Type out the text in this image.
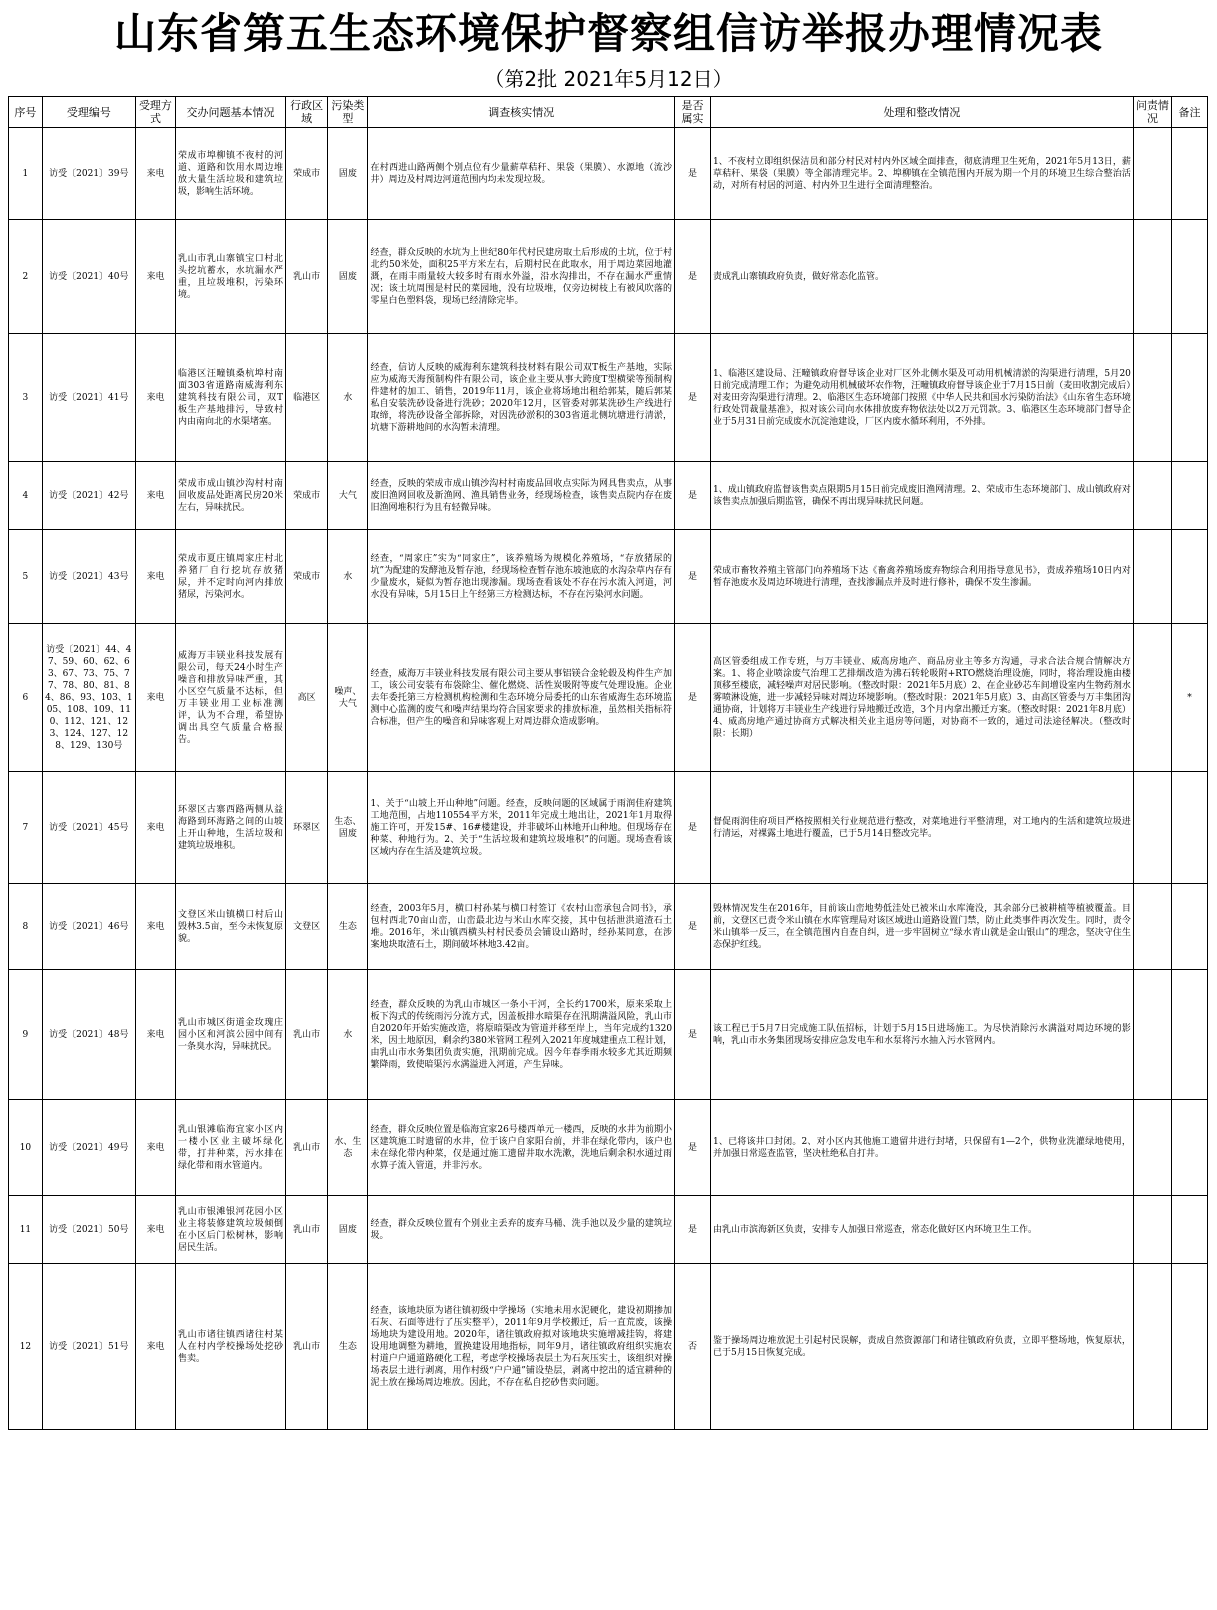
山东省第五生态环境保护督察组信访举报办理情况表
（第2批 2021年5月12日）
序号	受理编号	受理方式	交办问题基本情况	行政区域	污染类型	调查核实情况	是否属实	处理和整改情况	问责情况	备注
1	访受〔2021〕39号	来电	荣成市埠柳镇不夜村的河道、道路和饮用水周边堆放大量生活垃圾和建筑垃圾，影响生活环境。	荣成市	固废	在村西进山路两侧个别点位有少量薪草秸秆、果袋（果膜）、水源地（流沙井）周边及村周边河道范围内均未发现垃圾。	是	1、不夜村立即组织保洁员和部分村民对村内外区域全面排查，彻底清理卫生死角，2021年5月13日，薪草秸秆、果袋（果膜）等全部清理完毕。2、埠柳镇在全镇范围内开展为期一个月的环境卫生综合整治活动，对所有村居的河道、村内外卫生进行全面清理整治。		
2	访受〔2021〕40号	来电	乳山市乳山寨镇宝口村北头挖坑蓄水，水坑漏水严重，且垃圾堆积，污染环境。	乳山市	固废	经查，群众反映的水坑为上世纪80年代村民建房取土后形成的土坑，位于村北约50米处，面积25平方米左右，后期村民在此取水，用于周边菜园地灌溉，在雨丰雨量较大较多时有雨水外溢，沿水沟排出，不存在漏水严重情况；该土坑周围是村民的菜园地，没有垃圾堆，仅旁边树枝上有被风吹落的零星白色塑料袋，现场已经清除完毕。	是	责成乳山寨镇政府负责，做好常态化监管。		
3	访受〔2021〕41号	来电	临港区汪疃镇桑杭埠村南面303省道路南威海利东建筑科技有限公司，双T板生产基地排污，导致村内由南向北的水渠堵塞。	临港区	水	经查，信访人反映的威海利东建筑科技材料有限公司双T板生产基地，实际应为威海天海预制构件有限公司，该企业主要从事大跨度T型横梁等预制构件建材的加工、销售，2019年11月，该企业将场地出租给郭某，随后郭某私自安装洗砂设备进行洗砂；2020年12月，区管委对郭某洗砂生产线进行取缔，将洗砂设备全部拆除，对因洗砂淤积的303省道北侧坑塘进行清淤，坑塘下游耕地间的水沟暂未清理。	是	1、临港区建设局、汪疃镇政府督导该企业对厂区外北侧水渠及可动用机械清淤的沟渠进行清理，5月20日前完成清理工作；为避免动用机械破坏农作物，汪疃镇政府督导该企业于7月15日前（麦田收割完成后）对麦田旁沟渠进行清理。2、临港区生态环境部门按照《中华人民共和国水污染防治法》《山东省生态环境行政处罚裁量基准》，拟对该公司向水体排放废弃物依法处以2万元罚款。3、临港区生态环境部门督导企业于5月31日前完成废水沉淀池建设，厂区内废水循环利用，不外排。		
4	访受〔2021〕42号	来电	荣成市成山镇沙沟村村南回收废品处距离民房20米左右，异味扰民。	荣成市	大气	经查，反映的荣成市成山镇沙沟村村南废品回收点实际为网具售卖点，从事废旧渔网回收及新渔网、渔具销售业务，经现场检查，该售卖点院内存在废旧渔网堆积行为且有轻微异味。	是	1、成山镇政府监督该售卖点限期5月15日前完成废旧渔网清理。2、荣成市生态环境部门、成山镇政府对该售卖点加强后期监管，确保不再出现异味扰民问题。		
5	访受〔2021〕43号	来电	荣成市夏庄镇周家庄村北养猪厂自行挖坑存放猪尿，并不定时向河内排放猪尿，污染河水。	荣成市	水	经查，“周家庄”实为“同家庄”，该养殖场为规模化养殖场，“存放猪尿的坑”为配建的发酵池及暂存池，经现场检查暂存池东坡池底的水沟杂草内存有少量废水，疑似为暂存池出现渗漏。现场查看该处不存在污水流入河道，河水没有异味，5月15日上午经第三方检测达标，不存在污染河水问题。	是	荣成市畜牧养殖主管部门向养殖场下达《畜禽养殖场废弃物综合利用指导意见书》，责成养殖场10日内对暂存池废水及周边环境进行清理，查找渗漏点并及时进行修补，确保不发生渗漏。		
6	访受〔2021〕44、47、59、60、62、63、67、73、75、77、78、80、81、84、86、93、103、105、108、109、110、112、121、123、124、127、128、129、130号	来电	威海万丰镁业科技发展有限公司，每天24小时生产噪音和排放异味严重，其小区空气质量不达标，但万丰镁业用工业标准测评，认为不合理，希望协调出具空气质量合格报告。	高区	噪声、大气	经查，威海万丰镁业科技发展有限公司主要从事铝镁合金轮毂及构件生产加工，该公司安装有布袋除尘、催化燃烧、活性炭吸附等废气处理设施。企业去年委托第三方检测机构检测和生态环境分局委托的山东省威海生态环境监测中心监测的废气和噪声结果均符合国家要求的排放标准，虽然相关指标符合标准，但产生的噪音和异味客观上对周边群众造成影响。	是	高区管委组成工作专班，与万丰镁业、威高房地产、商品房业主等多方沟通，寻求合法合规合情解决方案。1、将企业喷涂废气治理工艺排烟改造为沸石转轮吸附+RTO燃烧治理设施，同时，将治理设施由楼顶移至楼底，减轻噪声对居民影响。（整改时限：2021年5月底）2、在企业砂芯车间增设室内生物药剂水雾喷淋设施，进一步减轻异味对周边环境影响。（整改时限：2021年5月底）3、由高区管委与万丰集团沟通协商，计划将万丰镁业生产线进行异地搬迁改造，3个月内拿出搬迁方案。（整改时限：2021年8月底）4、威高房地产通过协商方式解决相关业主退房等问题，对协商不一致的，通过司法途径解决。（整改时限：长期）		*
7	访受〔2021〕45号	来电	环翠区古寨西路两侧从益海路到环海路之间的山坡上开山种地，生活垃圾和建筑垃圾堆积。	环翠区	生态、固废	1、关于“山坡上开山种地”问题。经查，反映问题的区域属于雨润佳府建筑工地范围，占地110554平方米，2011年完成土地出让，2021年1月取得施工许可，开发15#、16#楼建设，并非破坏山林地开山种地。但现场存在种菜、种地行为。2、关于“生活垃圾和建筑垃圾堆积”的问题。现场查看该区域内存在生活及建筑垃圾。	是	督促雨润佳府项目严格按照相关行业规范进行整改，对菜地进行平整清理，对工地内的生活和建筑垃圾进行清运，对裸露土地进行覆盖，已于5月14日整改完毕。		
8	访受〔2021〕46号	来电	文登区米山镇横口村后山毁林3.5亩，至今未恢复原貌。	文登区	生态	经查，2003年5月，横口村孙某与横口村签订《农村山峦承包合同书》，承包村西北70亩山峦，山峦最北边与米山水库交接，其中包括泄洪道渣石土堆。2016年，米山镇西横头村村民委员会铺设山路时，经孙某同意，在涉案地块取渣石土，期间破坏林地3.42亩。	是	毁林情况发生在2016年，目前该山峦地势低洼处已被米山水库淹没，其余部分已被耕植等植被覆盖。目前，文登区已责令米山镇在水库管理局对该区域进山道路设置门禁，防止此类事件再次发生。同时，责令米山镇举一反三，在全镇范围内自查自纠，进一步牢固树立“绿水青山就是金山银山”的理念，坚决守住生态保护红线。		
9	访受〔2021〕48号	来电	乳山市城区街道金玫瑰庄园小区和河滨公园中间有一条臭水沟，异味扰民。	乳山市	水	经查，群众反映的为乳山市城区一条小干河，全长约1700米，原来采取上板下沟式的传统雨污分流方式，因盖板排水暗渠存在汛期满溢风险，乳山市自2020年开始实施改造，将原暗渠改为管道并移至岸上，当年完成约1320米，因土地原因，剩余约380米管网工程列入2021年度城建重点工程计划，由乳山市水务集团负责实施，汛期前完成。因今年春季雨水较多尤其近期频繁降雨，致使暗渠污水满溢进入河道，产生异味。	是	该工程已于5月7日完成施工队伍招标，计划于5月15日进场施工。为尽快消除污水满溢对周边环境的影响，乳山市水务集团现场安排应急发电车和水泵将污水抽入污水管网内。		
10	访受〔2021〕49号	来电	乳山银滩临海宜家小区内一楼小区业主破坏绿化带，打井种菜，污水排在绿化带和雨水管道内。	乳山市	水、生态	经查，群众反映位置是临海宜家26号楼西单元一楼西，反映的水井为前期小区建筑施工时遗留的水井，位于该户自家阳台前，并非在绿化带内，该户也未在绿化带内种菜，仅是通过施工遗留井取水洗漱，洗地后剩余积水通过雨水算子流入管道，并非污水。	是	1、已将该井口封闭。2、对小区内其他施工遗留井进行封堵，只保留有1—2个，供物业洗灌绿地使用，并加强日常巡查监管，坚决杜绝私自打井。		
11	访受〔2021〕50号	来电	乳山市银滩银河花园小区业主将装修建筑垃圾倾倒在小区后门松树林，影响居民生活。	乳山市	固废	经查，群众反映位置有个别业主丢弃的废弃马桶、洗手池以及少量的建筑垃圾。	是	由乳山市滨海新区负责，安排专人加强日常巡查，常态化做好区内环境卫生工作。		
12	访受〔2021〕51号	来电	乳山市诸往镇西诸往村某人在村内学校操场处挖砂售卖。	乳山市	生态	经查，该地块原为诸往镇初级中学操场（实地未用水泥硬化，建设初期掺加石灰、石面等进行了压实整平），2011年9月学校搬迁，后一直荒废，该操场地块为建设用地。2020年，诸往镇政府拟对该地块实施增减挂钩，将建设用地调整为耕地，置换建设用地指标，同年9月，诸往镇政府组织实施农村道户户通道路硬化工程，考虑学校操场表层土为石灰压实土，该组织对操场表层土进行剥离，用作村级“户户通”铺设垫层，剥离中挖出的适宜耕种的泥土放在操场周边堆放。因此，不存在私自挖砂售卖问题。	否	鉴于操场周边堆放泥土引起村民误解，责成自然资源部门和诸往镇政府负责，立即平整场地，恢复原状，已于5月15日恢复完成。		
